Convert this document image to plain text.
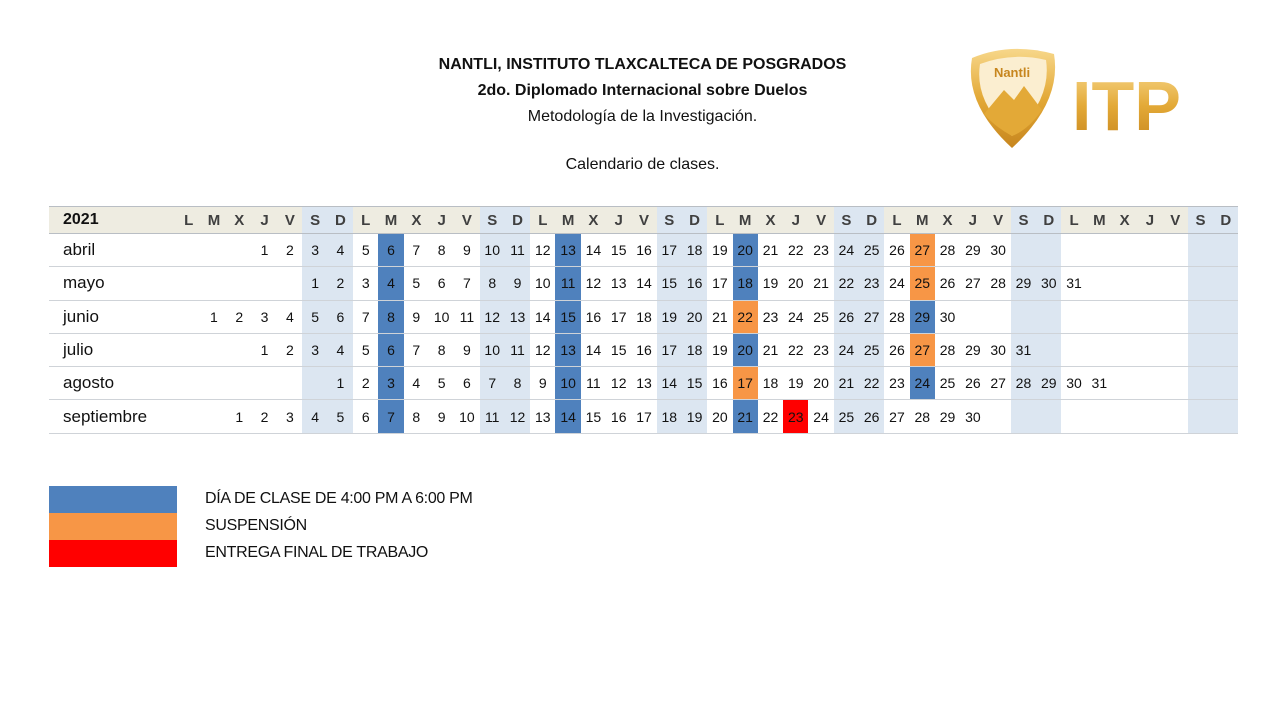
NANTLI, INSTITUTO TLAXCALTECA DE POSGRADOS
2do. Diplomado Internacional sobre Duelos
Metodología de la Investigación.
Calendario de clases.
Nantli ITP
2021	L	M	X	J	V	S	D	L	M	X	J	V	S	D	L	M	X	J	V	S	D	L	M	X	J	V	S	D	L	M	X	J	V	S	D	L	M	X	J	V	S	D
abril				1	2	3	4	5	6	7	8	9	10	11	12	13	14	15	16	17	18	19	20	21	22	23	24	25	26	27	28	29	30									
mayo						1	2	3	4	5	6	7	8	9	10	11	12	13	14	15	16	17	18	19	20	21	22	23	24	25	26	27	28	29	30	31						
junio		1	2	3	4	5	6	7	8	9	10	11	12	13	14	15	16	17	18	19	20	21	22	23	24	25	26	27	28	29	30											
julio				1	2	3	4	5	6	7	8	9	10	11	12	13	14	15	16	17	18	19	20	21	22	23	24	25	26	27	28	29	30	31								
agosto							1	2	3	4	5	6	7	8	9	10	11	12	13	14	15	16	17	18	19	20	21	22	23	24	25	26	27	28	29	30	31					
septiembre			1	2	3	4	5	6	7	8	9	10	11	12	13	14	15	16	17	18	19	20	21	22	23	24	25	26	27	28	29	30										
DÍA DE CLASE DE 4:00 PM A 6:00 PM
SUSPENSIÓN
ENTREGA FINAL DE TRABAJO
